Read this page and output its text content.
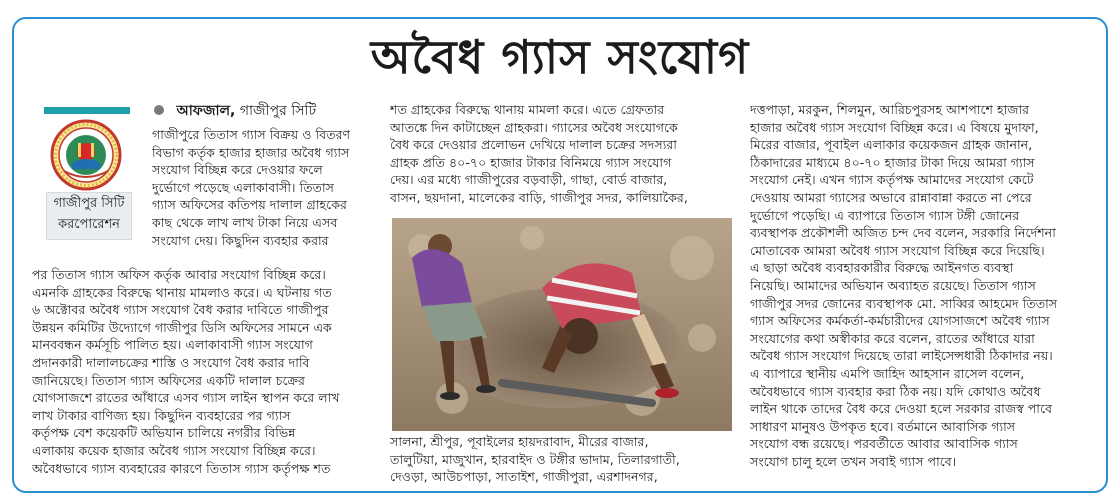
অবৈধ গ্যাস সংযোগ
আফজাল, গাজীপুর সিটি
গাজীপুর সিটি করপোরেশন

গাজীপুরে তিতাস গ্যাস বিক্রয় ও বিতরণ

বিভাগ কর্তৃক হাজার হাজার অবৈধ গ্যাস

সংযোগ বিচ্ছিন্ন করে দেওয়ার ফলে

দুর্ভোগে পড়েছে এলাকাবাসী। তিতাস

গ্যাস অফিসের কতিপয় দালাল গ্রাহকের

কাছ থেকে লাখ লাখ টাকা নিয়ে এসব

সংযোগ দেয়। কিছুদিন ব্যবহার করার

পর তিতাস গ্যাস অফিস কর্তৃক আবার সংযোগ বিচ্ছিন্ন করে।

এমনকি গ্রাহকের বিরুদ্ধে থানায় মামলাও করে। এ ঘটনায় গত

৬ অক্টোবর অবৈধ গ্যাস সংযোগ বৈধ করার দাবিতে গাজীপুর

উন্নয়ন কমিটির উদ্যোগে গাজীপুর ডিসি অফিসের সামনে এক

মানববন্ধন কর্মসূচি পালিত হয়। এলাকাবাসী গ্যাস সংযোগ

প্রদানকারী দালালচক্রের শাস্তি ও সংযোগ বৈধ করার দাবি

জানিয়েছে। তিতাস গ্যাস অফিসের একটি দালাল চক্রের

যোগসাজশে রাতের আঁধারে এসব গ্যাস লাইন স্থাপন করে লাখ

লাখ টাকার বাণিজ্য হয়। কিছুদিন ব্যবহারের পর গ্যাস

কর্তৃপক্ষ বেশ কয়েকটি অভিযান চালিয়ে নগরীর বিভিন্ন

এলাকায় কয়েক হাজার অবৈধ গ্যাস সংযোগ বিচ্ছিন্ন করে।

অবৈধভাবে গ্যাস ব্যবহারের কারণে তিতাস গ্যাস কর্তৃপক্ষ শত

শত গ্রাহকের বিরুদ্ধে থানায় মামলা করে। এতে গ্রেফতার

আতঙ্কে দিন কাটাচ্ছেন গ্রাহকরা। গ্যাসের অবৈধ সংযোগকে

বৈধ করে দেওয়ার প্রলোভন দেখিয়ে দালাল চক্রের সদস্যরা

গ্রাহক প্রতি ৪০-৭০ হাজার টাকার বিনিময়ে গ্যাস সংযোগ

দেয়। এর মধ্যে গাজীপুরের বড়বাড়ী, গাছা, বোর্ড বাজার,

বাসন, ছয়দানা, মালেকের বাড়ি, গাজীপুর সদর, কালিয়াকৈর,

সালনা, শ্রীপুর, পূবাইলের হায়দরাবাদ, মীরের বাজার,

তালুটিয়া, মাজুখান, হারবাইদ ও টঙ্গীর ভাদাম, তিলারগাতী,

দেওড়া, আউচপাড়া, সাতাইশ, গাজীপুরা, এরশাদনগর,

দত্তপাড়া, মরকুন, শিলমুন, আরিচপুরসহ আশপাশে হাজার

হাজার অবৈধ গ্যাস সংযোগ বিচ্ছিন্ন করে। এ বিষয়ে মুদাফা,

মিরের বাজার, পূবাইল এলাকার কয়েকজন গ্রাহক জানান,

ঠিকাদারের মাধ্যমে ৪০-৭০ হাজার টাকা দিয়ে আমরা গ্যাস

সংযোগ নেই। এখন গ্যাস কর্তৃপক্ষ আমাদের সংযোগ কেটে

দেওয়ায় আমরা গ্যাসের অভাবে রান্নাবান্না করতে না পেরে

দুর্ভোগে পড়েছি। এ ব্যাপারে তিতাস গ্যাস টঙ্গী জোনের

ব্যবস্থাপক প্রকৌশলী অজিত চন্দ দেব বলেন, সরকারি নির্দেশনা

মোতাবেক আমরা অবৈধ গ্যাস সংযোগ বিচ্ছিন্ন করে দিয়েছি।

এ ছাড়া অবৈধ ব্যবহারকারীর বিরুদ্ধে আইনগত ব্যবস্থা

নিয়েছি। আমাদের অভিযান অব্যাহত রয়েছে। তিতাস গ্যাস

গাজীপুর সদর জোনের ব্যবস্থাপক মো. সাব্বির আহমেদ তিতাস

গ্যাস অফিসের কর্মকর্তা-কর্মচারীদের যোগসাজশে অবৈধ গ্যাস

সংযোগের কথা অস্বীকার করে বলেন, রাতের আঁধারে যারা

অবৈধ গ্যাস সংযোগ দিয়েছে তারা লাইসেন্সধারী ঠিকাদার নয়।

এ ব্যাপারে স্থানীয় এমপি জাহিদ আহসান রাসেল বলেন,

অবৈধভাবে গ্যাস ব্যবহার করা ঠিক নয়। যদি কোথাও অবৈধ

লাইন থাকে তাদের বৈধ করে দেওয়া হলে সরকার রাজস্ব পাবে

সাধারণ মানুষও উপকৃত হবে। বর্তমানে আবাসিক গ্যাস

সংযোগ বন্ধ রয়েছে। পরবর্তীতে আবার আবাসিক গ্যাস

সংযোগ চালু হলে তখন সবাই গ্যাস পাবে।
